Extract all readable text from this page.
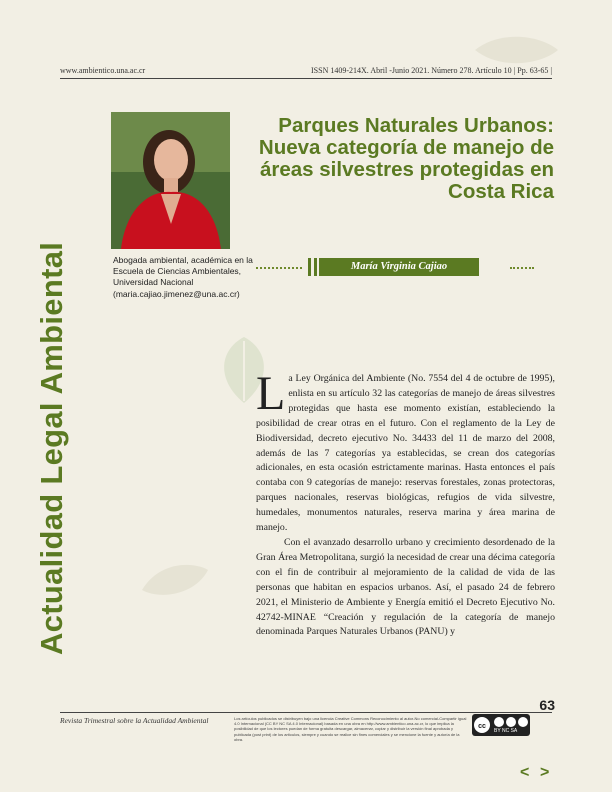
www.ambientico.una.ac.cr	ISSN 1409-214X. Abril -Junio 2021. Número 278. Artículo 10 | Pp. 63-65 |
Actualidad Legal Ambiental	Abogada ambiental, académica en la Escuela de Ciencias Ambientales, Universidad Nacional (maria.cajiao.jimenez@una.ac.cr)
Parques Naturales Urbanos: Nueva categoría de manejo de áreas silvestres protegidas en Costa Rica
María Virginia Cajiao

La Ley Orgánica del Ambiente (No. 7554 del 4 de octubre de 1995), enlista en su artículo 32 las categorías de manejo de áreas silvestres protegidas que hasta ese momento existían, estableciendo la posibilidad de crear otras en el futuro. Con el reglamento de la Ley de Biodiversidad, decreto ejecutivo No. 34433 del 11 de marzo del 2008, además de las 7 categorías ya establecidas, se crean dos categorías adicionales, en esta ocasión estrictamente marinas. Hasta entonces el país contaba con 9 categorías de manejo: reservas forestales, zonas protectoras, parques nacionales, reservas biológicas, refugios de vida silvestre, humedales, monumentos naturales, reserva marina y área marina de manejo.

Con el avanzado desarrollo urbano y crecimiento desordenado de la Gran Área Metropolitana, surgió la necesidad de crear una décima categoría con el fin de contribuir al mejoramiento de la calidad de vida de las personas que habitan en espacios urbanos. Así, el pasado 24 de febrero 2021, el Ministerio de Ambiente y Energía emitió el Decreto Ejecutivo No. 42742-MINAE “Creación y regulación de la categoría de manejo denominada Parques Naturales Urbanos (PANU) y

63
Revista Trimestral sobre la Actualidad Ambiental	Los artículos publicados se distribuyen bajo una licencia Creative Commons Reconocimiento al autor-No comercial-Compartir igual 4.0 Internacional (CC BY NC SA 4.0 Internacional) basada en una obra en http://www.ambientico.una.ac.cr, lo que implica la posibilidad de que los lectores puedan de forma gratuita descargar, almacenar, copiar y distribuir la versión final aprobada y publicada (post print) de los artículos, siempre y cuando se realice sin fines comerciales y se mencione la fuente y autoría de la obra.
cc
BY NC SA
< >
